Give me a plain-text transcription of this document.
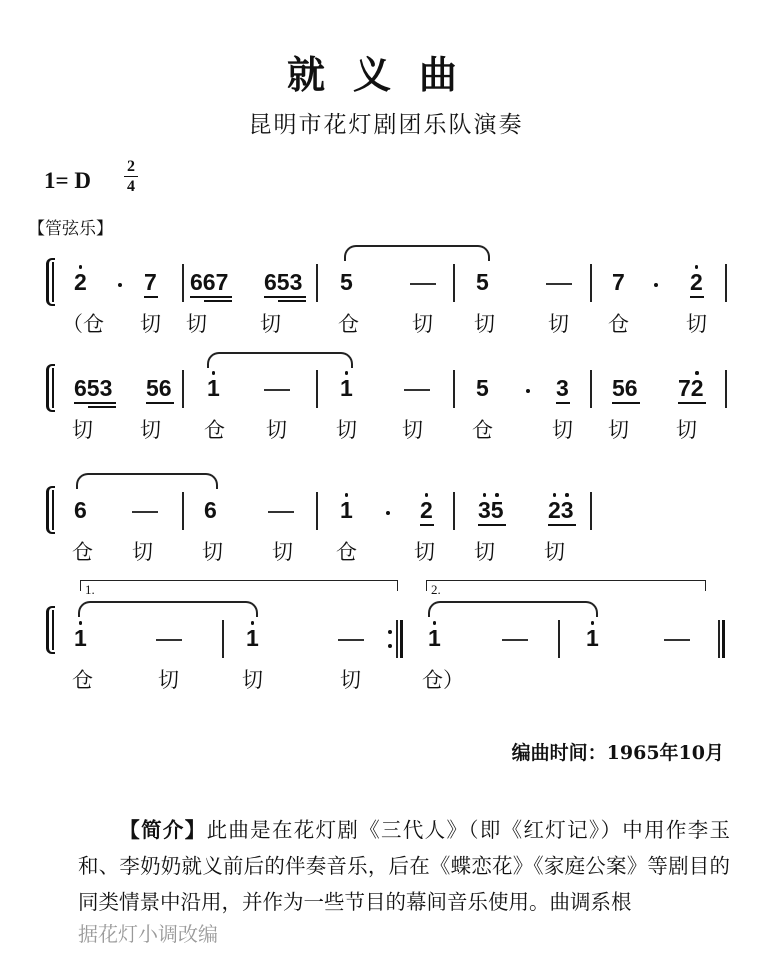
就义曲
昆明市花灯剧团乐队演奏
1= D
2
4
【管弦乐】
2 7 667 653 5	5	7	2
（仓 切 切	切	仓	切 切	切 仓	切
653 56 1	1	5	3 56 72
切 切 仓 切 切 切 仓	切 切 切
6	6	1	2 35 23
仓 切 切 切 仓	切 切 切
1.	2.
1	1	1	1
仓	切	切	切	仓）
编曲时间：1965年10月
【简介】此曲是在花灯剧《三代人》（即《红灯记》）中用作李玉和、李奶奶就义前后的伴奏音乐，后在《蝶恋花》《家庭公案》等剧目的同类情景中沿用，并作为一些节目的幕间音乐使用。曲调系根
据花灯小调改编
